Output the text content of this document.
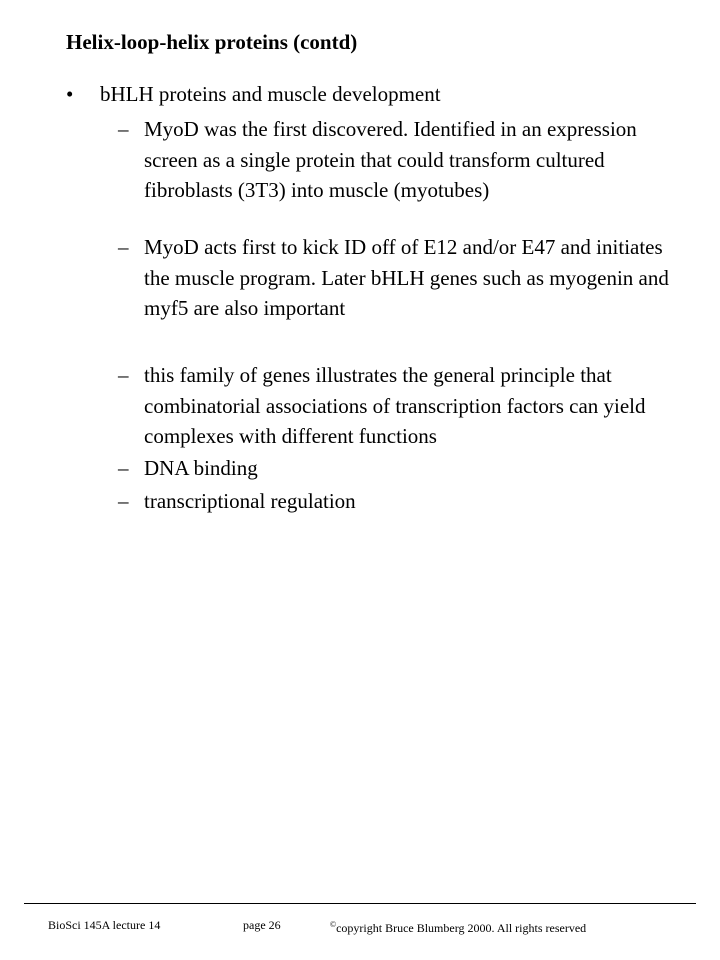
Helix-loop-helix proteins (contd)
• bHLH proteins and muscle development
– MyoD was the first discovered. Identified in an expression screen as a single protein that could transform cultured fibroblasts (3T3) into muscle (myotubes)
– MyoD acts first to kick ID off of E12 and/or E47 and initiates the muscle program. Later bHLH genes such as myogenin and myf5 are also important
– this family of genes illustrates the general principle that combinatorial associations of transcription factors can yield complexes with different functions
– DNA binding
– transcriptional regulation
BioSci 145A lecture 14	page 26	©copyright Bruce Blumberg 2000. All rights reserved
